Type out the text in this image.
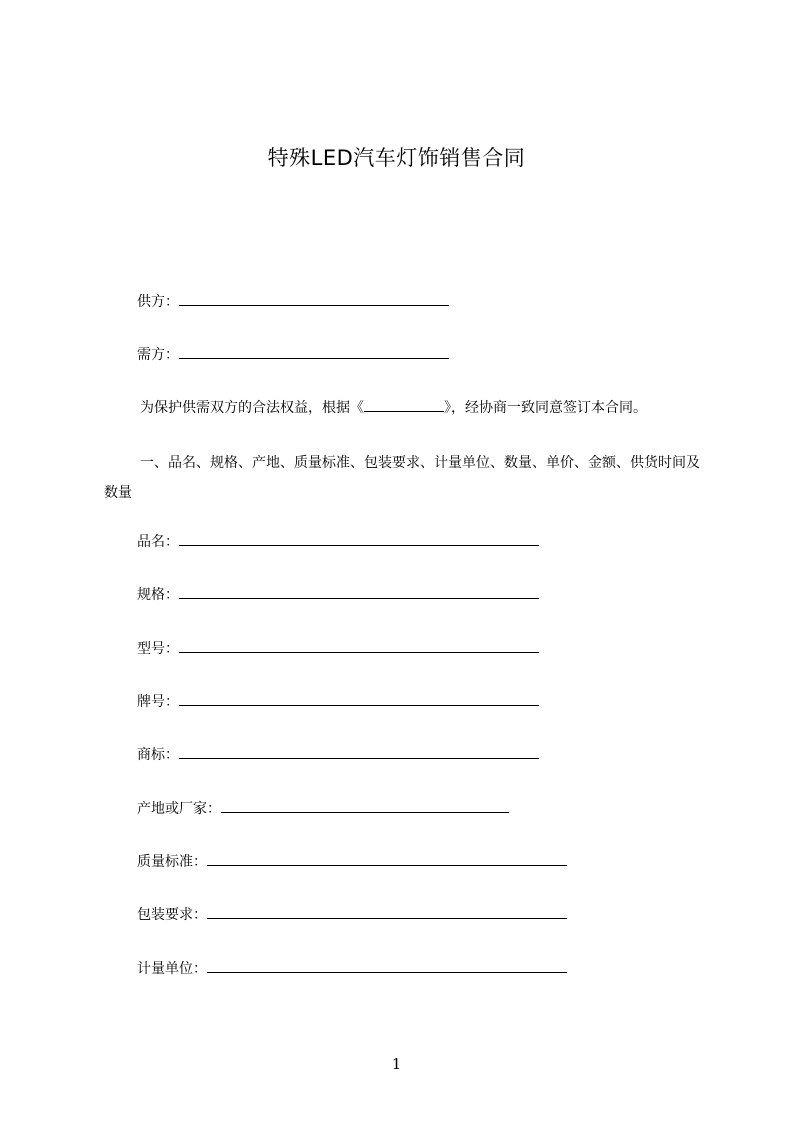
特殊LED汽车灯饰销售合同
供方：
需方：
为保护供需双方的合法权益，根据《	》，经协商一致同意签订本合同。
一、品名、规格、产地、质量标准、包装要求、计量单位、数量、单价、金额、供货时间及数量
品名：
规格：
型号：
牌号：
商标：
产地或厂家：
质量标准：
包装要求：
计量单位：
1
